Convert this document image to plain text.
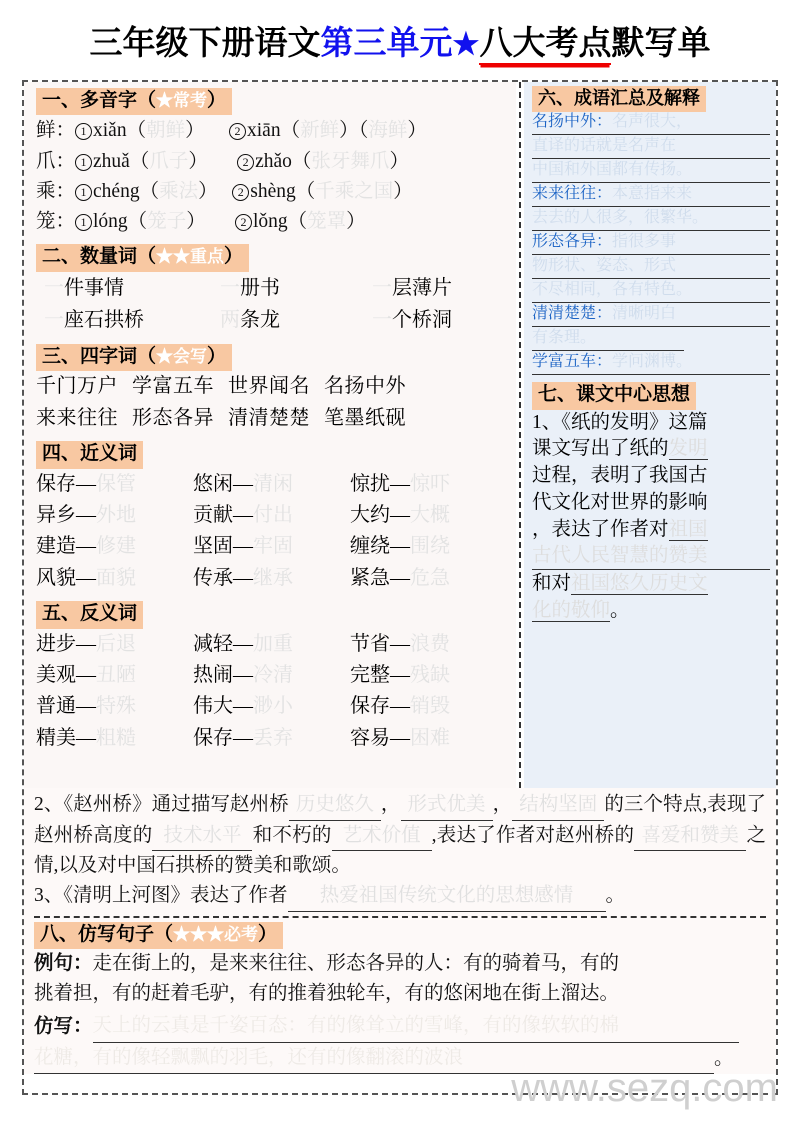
三年级下册语文第三单元★八大考点默写单
一、多音字（★常考）
鲜： 1 xiǎn（朝鲜） 2 xiān（新鲜）（海鲜）
爪： 1 zhuǎ（爪子）	2 zhǎo（张牙舞爪）
乘： 1 chéng（乘法） 2 shèng（千乘之国）
笼： 1 lóng（笼子）	2 lǒng（笼罩）
二、数量词（★★重点）
一件事情	一册书	一层薄片
一座石拱桥	两条龙	一个桥洞
三、四字词（★会写）
千门万户 学富五车 世界闻名 名扬中外
来来往往 形态各异 清清楚楚 笔墨纸砚
四、近义词
保存—保管	悠闲—清闲	惊扰—惊吓
异乡—外地	贡献—付出	大约—大概
建造—修建	坚固—牢固	缠绕—围绕
风貌—面貌	传承—继承	紧急—危急
五、反义词
进步—后退	减轻—加重	节省—浪费
美观—丑陋	热闹—冷清	完整—残缺
普通—特殊	伟大—渺小	保存—销毁
精美—粗糙	保存—丢弃	容易—困难
六、成语汇总及解释
名扬中外：名声很大，
直译的话就是名声在
中国和外国都有传扬。
来来往往：本意指来来
去去的人很多，很繁华。
形态各异：指很多事
物形状、姿态、形式
不尽相同，各有特色。
清清楚楚：清晰明白
有条理。
学富五车：学问渊博。
七、课文中心思想
1、《纸的发明》这篇
课文写出了纸的发明
过程，表明了我国古
代文化对世界的影响
，表达了作者对祖国
古代人民智慧的赞美
和对祖国悠久历史文
化的敬仰。
2、《赵州桥》通过描写赵州桥 历史悠久 ， 形式优美 ， 结构坚固 的三个特点,表现了赵州桥高度的 技术水平 和不朽的 艺术价值 ,表达了作者对赵州桥的 喜爱和赞美 之情,以及对中国石拱桥的赞美和歌颂。
3、《清明上河图》表达了作者 热爱祖国传统文化的思想感情 。
八、仿写句子（★★★必考）
例句：走在街上的，是来来往往、形态各异的人：有的骑着马，有的
挑着担，有的赶着毛驴，有的推着独轮车，有的悠闲地在街上溜达。
仿写：天上的云真是千姿百态：有的像耸立的雪峰，有的像软软的棉
花糖，有的像轻飘飘的羽毛，还有的像翻滚的波浪	。
www.sezq.com
